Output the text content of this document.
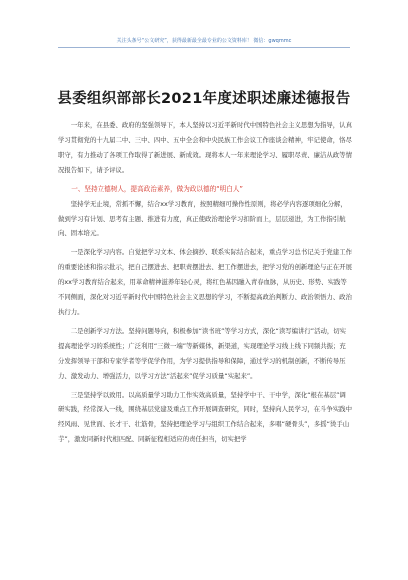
关注头条号“公文研究”，获得最新最全最专业的公文资料库！ 微信：gwqmmc
县委组织部部长2021年度述职述廉述德报告

一年来，在县委、政府的坚强领导下，本人坚持以习近平新时代中国特色社会主义思想为指导，认真学习贯彻党的十九届二中、三中、四中、五中全会和中央民族工作会议工作座谈会精神，牢记使命，恪尽职守，有力推动了各项工作取得了新进展、新成效。现将本人一年来理论学习、履职尽责、廉洁从政等情况报告如下，请予评议。

一、坚持立德树人，提高政治素养，做为政以德的“明白人”

坚持学无止境，常抓不懈，结合xx学习教育，按照精细可操作性原则，将必学内容逐项细化分解，做到学习有计划、思考有主题、推进有力度，真正使政治理论学习扣阶而上，层层递进，为工作指引航向、固本培元。

一是深化学习内容。自觉把学习文本、体会摘抄、联系实际结合起来，重点学习总书记关于党建工作的重要论述和指示批示，把自己摆进去、把职责摆进去、把工作摆进去，把学习党的创新理论与正在开展的xx学习教育结合起来，用革命精神滋养年轻心灵，将红色基因融入青春血脉，从历史、形势、实践等不同侧面，深化对习近平新时代中国特色社会主义思想的学习，不断提高政治判断力、政治领悟力、政治执行力。

二是创新学习方法。坚持问题导向，积极参加“读书班”等学习方式，深化“读写编讲行”活动，切实提高理论学习的系统性；广泛利用“三微一端”等新媒体，新渠道，实现理论学习线上线下同频共振；充分发挥领导干部和专家学者等学促学作用，为学习提供指导和保障，通过学习的机制创新，不断传导压力、激发动力、增强活力，以学习方法“活起来”促学习质量“实起来”。

三是坚持学以致用。以高质量学习助力工作实效高质量，坚持学中干、干中学，深化“根在基层”调研实践，经常深入一线，围绕基层党建及重点工作开展调查研究，同时，坚持向人民学习，在斗争实践中经风雨、见世面、长才干、壮筋骨，坚持把理论学习与组织工作结合起来，多唱“硬骨头”，多摇“烫手山芋”，激发同新时代相匹配、同新征程相适应的责任担当，切实把学
